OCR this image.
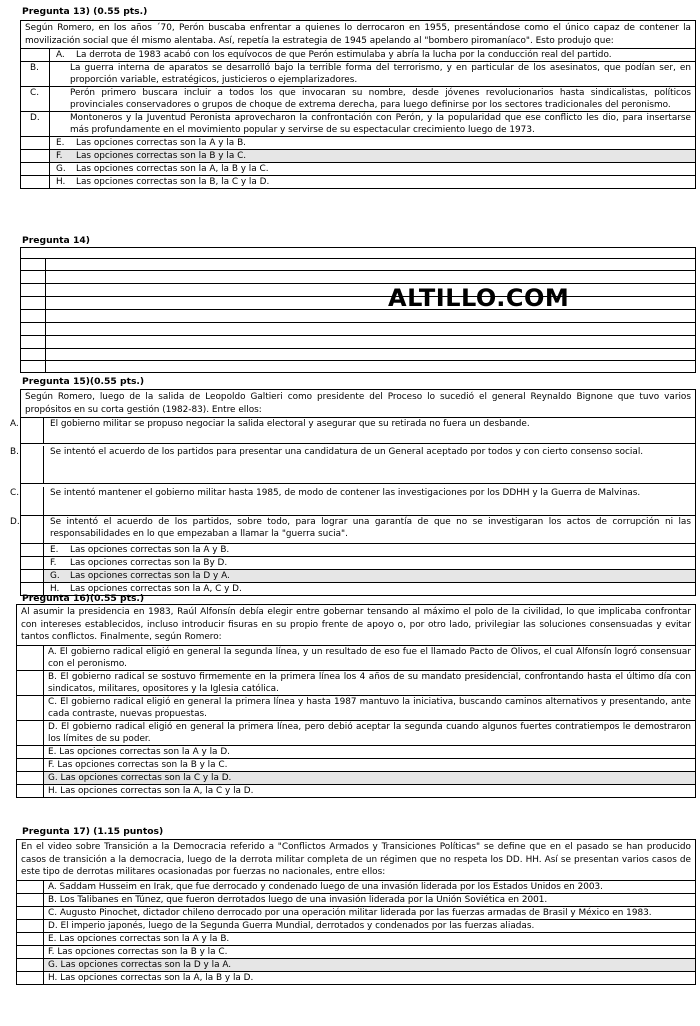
Pregunta 13) (0.55 pts.)
Según Romero, en los años ´70, Perón buscaba enfrentar a quienes lo derrocaron en 1955, presentándose como el único capaz de contener la movilización social que él mismo alentaba. Así, repetía la estrategia de 1945 apelando al "bombero piromaníaco". Esto produjo que:
A. La derrota de 1983 acabó con los equívocos de que Perón estimulaba y abría la lucha por la conducción real del partido.
B.	La guerra interna de aparatos se desarrolló bajo la terrible forma del terrorismo, y en particular de los asesinatos, que podían ser, en proporción variable, estratégicos, justicieros o ejemplarizadores.
C.	Perón primero buscara incluir a todos los que invocaran su nombre, desde jóvenes revolucionarios hasta sindicalistas, políticos provinciales conservadores o grupos de choque de extrema derecha, para luego definirse por los sectores tradicionales del peronismo.
D.	Montoneros y la Juventud Peronista aprovecharon la confrontación con Perón, y la popularidad que ese conflicto les dio, para insertarse más profundamente en el movimiento popular y servirse de su espectacular crecimiento luego de 1973.
E. Las opciones correctas son la A y la B.
F. Las opciones correctas son la B y la C.
G. Las opciones correctas son la A, la B y la C.
H. Las opciones correctas son la B, la C y la D.
Pregunta 14)
ALTILLO.COM
Pregunta 15)(0.55 pts.)
Según Romero, luego de la salida de Leopoldo Galtieri como presidente del Proceso lo sucedió el general Reynaldo Bignone que tuvo varios propósitos en su corta gestión (1982-83). Entre ellos:
A.	El gobierno militar se propuso negociar la salida electoral y asegurar que su retirada no fuera un desbande.
B.	Se intentó el acuerdo de los partidos para presentar una candidatura de un General aceptado por todos y con cierto consenso social.
C.	Se intentó mantener el gobierno militar hasta 1985, de modo de contener las investigaciones por los DDHH y la Guerra de Malvinas.
D.	Se intentó el acuerdo de los partidos, sobre todo, para lograr una garantía de que no se investigaran los actos de corrupción ni las responsabilidades en lo que empezaban a llamar la "guerra sucia".
E. Las opciones correctas son la A y B.
F. Las opciones correctas son la By D.
G. Las opciones correctas son la D y A.
H. Las opciones correctas son la A, C y D.
Pregunta 16)(0.55 pts.)
Al asumir la presidencia en 1983, Raúl Alfonsín debía elegir entre gobernar tensando al máximo el polo de la civilidad, lo que implicaba confrontar con intereses establecidos, incluso introducir fisuras en su propio frente de apoyo o, por otro lado, privilegiar las soluciones consensuadas y evitar tantos conflictos. Finalmente, según Romero:
A. El gobierno radical eligió en general la segunda línea, y un resultado de eso fue el llamado Pacto de Olivos, el cual Alfonsín logró consensuar con el peronismo.
B. El gobierno radical se sostuvo firmemente en la primera línea los 4 años de su mandato presidencial, confrontando hasta el último día con sindicatos, militares, opositores y la Iglesia católica.
C. El gobierno radical eligió en general la primera línea y hasta 1987 mantuvo la iniciativa, buscando caminos alternativos y presentando, ante cada contraste, nuevas propuestas.
D. El gobierno radical eligió en general la primera línea, pero debió aceptar la segunda cuando algunos fuertes contratiempos le demostraron los límites de su poder.
E. Las opciones correctas son la A y la D.
F. Las opciones correctas son la B y la C.
G. Las opciones correctas son la C y la D.
H. Las opciones correctas son la A, la C y la D.
Pregunta 17) (1.15 puntos)
En el video sobre Transición a la Democracia referido a "Conflictos Armados y Transiciones Políticas" se define que en el pasado se han producido casos de transición a la democracia, luego de la derrota militar completa de un régimen que no respeta los DD. HH. Así se presentan varios casos de este tipo de derrotas militares ocasionadas por fuerzas no nacionales, entre ellos:
A. Saddam Husseim en Irak, que fue derrocado y condenado luego de una invasión liderada por los Estados Unidos en 2003.
B. Los Talibanes en Túnez, que fueron derrotados luego de una invasión liderada por la Unión Soviética en 2001.
C. Augusto Pinochet, dictador chileno derrocado por una operación militar liderada por las fuerzas armadas de Brasil y México en 1983.
D. El imperio japonés, luego de la Segunda Guerra Mundial, derrotados y condenados por las fuerzas aliadas.
E. Las opciones correctas son la A y la B.
F. Las opciones correctas son la B y la C.
G. Las opciones correctas son la D y la A.
H. Las opciones correctas son la A, la B y la D.
